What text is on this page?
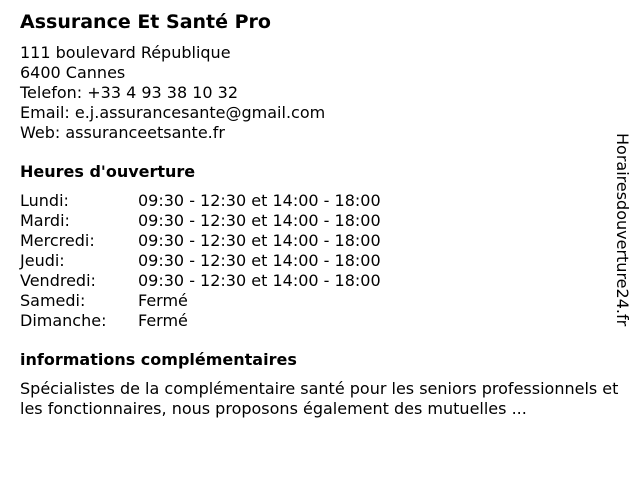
Assurance Et Santé Pro
111 boulevard République
6400 Cannes
Telefon: +33 4 93 38 10 32
Email: e.j.assurancesante@gmail.com
Web: assuranceetsante.fr
Heures d'ouverture
Lundi:	09:30 - 12:30 et 14:00 - 18:00
Mardi:	09:30 - 12:30 et 14:00 - 18:00
Mercredi:	09:30 - 12:30 et 14:00 - 18:00
Jeudi:	09:30 - 12:30 et 14:00 - 18:00
Vendredi:	09:30 - 12:30 et 14:00 - 18:00
Samedi:	Fermé
Dimanche:	Fermé
informations complémentaires
Spécialistes de la complémentaire santé pour les seniors professionnels et les fonctionnaires, nous proposons également des mutuelles ...
Horairesdouverture24.fr
